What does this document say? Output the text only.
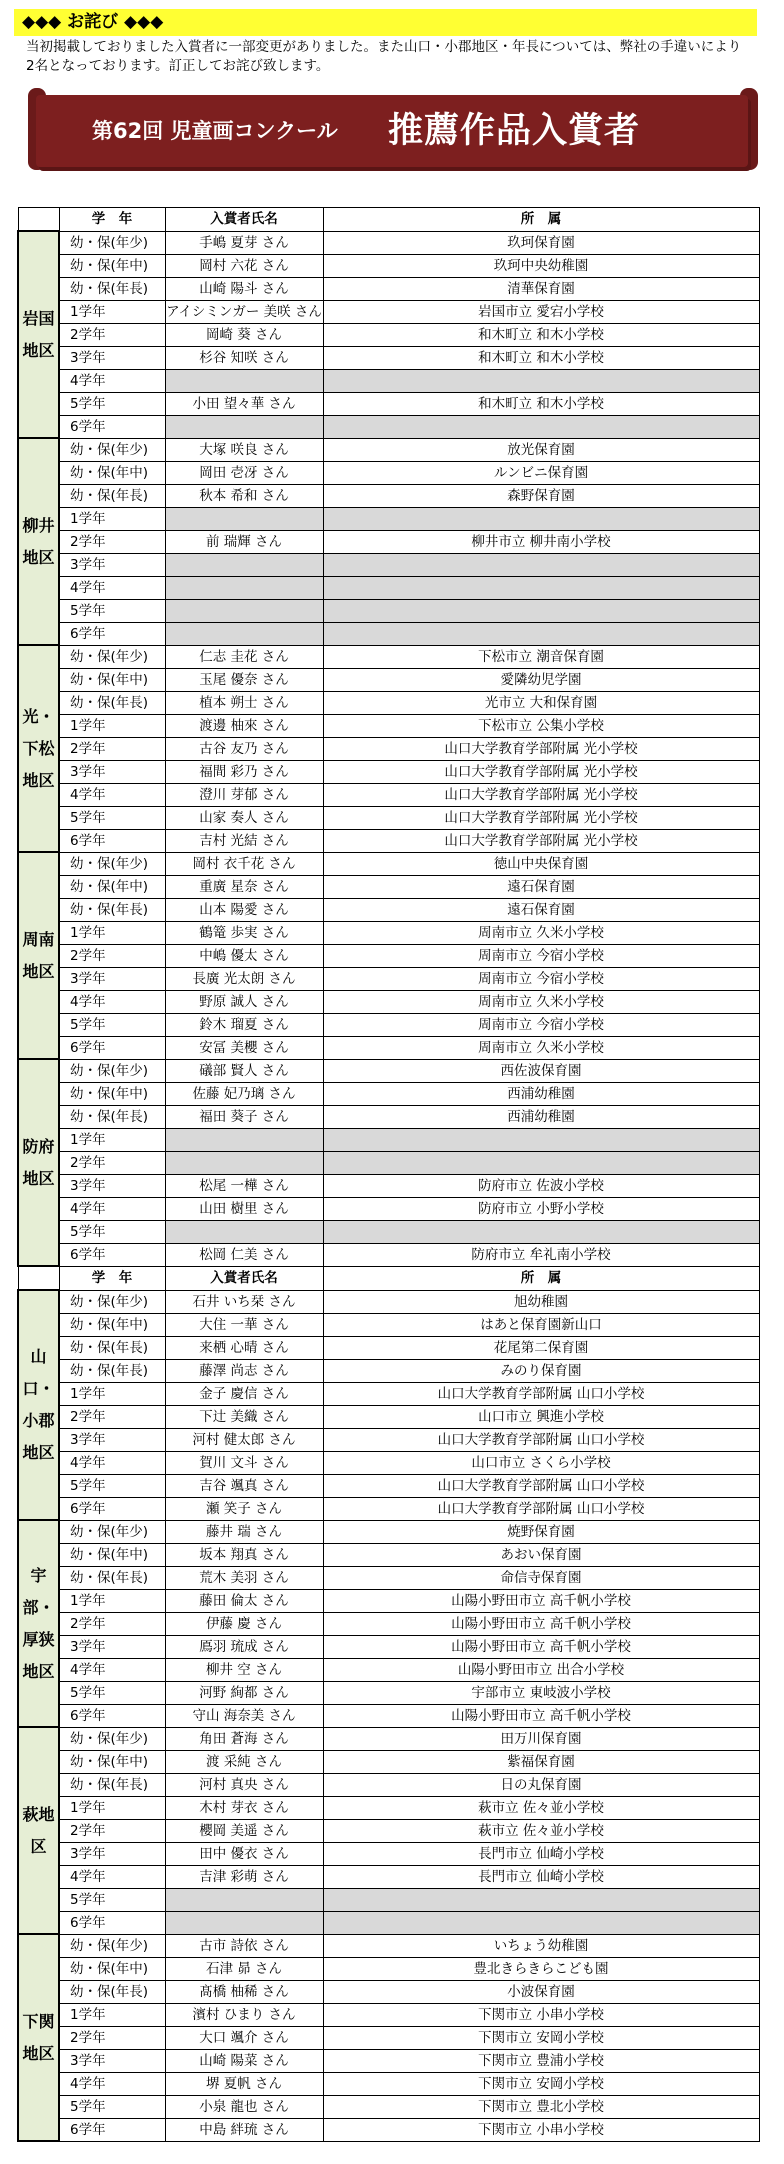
◆◆◆ お詫び ◆◆◆
当初掲載しておりました入賞者に一部変更がありました。また山口・小郡地区・年長については、弊社の手違いにより2名となっております。訂正してお詫び致します。
第62回 児童画コンクール 推薦作品入賞者
	学　年	入賞者氏名	所　属
岩国地区	幼・保(年少)	手嶋 夏芽 さん	玖珂保育園
	幼・保(年中)	岡村 六花 さん	玖珂中央幼稚園
	幼・保(年長)	山崎 陽斗 さん	清華保育園
	1学年	アイシミンガー 美咲 さん	岩国市立 愛宕小学校
	2学年	岡崎 葵 さん	和木町立 和木小学校
	3学年	杉谷 知咲 さん	和木町立 和木小学校
	4学年		
	5学年	小田 望々華 さん	和木町立 和木小学校
	6学年		
柳井地区	幼・保(年少)	大塚 咲良 さん	放光保育園
	幼・保(年中)	岡田 壱冴 さん	ルンビニ保育園
	幼・保(年長)	秋本 希和 さん	森野保育園
	1学年		
	2学年	前 瑞輝 さん	柳井市立 柳井南小学校
	3学年		
	4学年		
	5学年		
	6学年		
光・下松地区	幼・保(年少)	仁志 圭花 さん	下松市立 潮音保育園
	幼・保(年中)	玉尾 優奈 さん	愛隣幼児学園
	幼・保(年長)	植本 朔士 さん	光市立 大和保育園
	1学年	渡邊 柚來 さん	下松市立 公集小学校
	2学年	古谷 友乃 さん	山口大学教育学部附属 光小学校
	3学年	福間 彩乃 さん	山口大学教育学部附属 光小学校
	4学年	澄川 芽郁 さん	山口大学教育学部附属 光小学校
	5学年	山家 奏人 さん	山口大学教育学部附属 光小学校
	6学年	吉村 光結 さん	山口大学教育学部附属 光小学校
周南地区	幼・保(年少)	岡村 衣千花 さん	徳山中央保育園
	幼・保(年中)	重廣 星奈 さん	遠石保育園
	幼・保(年長)	山本 陽愛 さん	遠石保育園
	1学年	鶴篭 歩実 さん	周南市立 久米小学校
	2学年	中嶋 優太 さん	周南市立 今宿小学校
	3学年	長廣 光太朗 さん	周南市立 今宿小学校
	4学年	野原 誠人 さん	周南市立 久米小学校
	5学年	鈴木 瑠夏 さん	周南市立 今宿小学校
	6学年	安冨 美櫻 さん	周南市立 久米小学校
防府地区	幼・保(年少)	礒部 賢人 さん	西佐波保育園
	幼・保(年中)	佐藤 妃乃璃 さん	西浦幼稚園
	幼・保(年長)	福田 葵子 さん	西浦幼稚園
	1学年		
	2学年		
	3学年	松尾 一樺 さん	防府市立 佐波小学校
	4学年	山田 樹里 さん	防府市立 小野小学校
	5学年		
	6学年	松岡 仁美 さん	防府市立 牟礼南小学校
	学　年	入賞者氏名	所　属
山口・小郡地区	幼・保(年少)	石井 いち栞 さん	旭幼稚園
	幼・保(年中)	大住 一華 さん	はあと保育園新山口
	幼・保(年長)	来栖 心晴 さん	花尾第二保育園
	幼・保(年長)	藤澤 尚志 さん	みのり保育園
	1学年	金子 慶信 さん	山口大学教育学部附属 山口小学校
	2学年	下辻 美織 さん	山口市立 興進小学校
	3学年	河村 健太郎 さん	山口大学教育学部附属 山口小学校
	4学年	賀川 文斗 さん	山口市立 さくら小学校
	5学年	吉谷 颯真 さん	山口大学教育学部附属 山口小学校
	6学年	瀬 笑子 さん	山口大学教育学部附属 山口小学校
宇部・厚狭地区	幼・保(年少)	藤井 瑞 さん	焼野保育園
	幼・保(年中)	坂本 翔真 さん	あおい保育園
	幼・保(年長)	荒木 美羽 さん	命信寺保育園
	1学年	藤田 倫太 さん	山陽小野田市立 高千帆小学校
	2学年	伊藤 慶 さん	山陽小野田市立 高千帆小学校
	3学年	鳫羽 琉成 さん	山陽小野田市立 高千帆小学校
	4学年	柳井 空 さん	山陽小野田市立 出合小学校
	5学年	河野 絢都 さん	宇部市立 東岐波小学校
	6学年	守山 海奈美 さん	山陽小野田市立 高千帆小学校
萩地区	幼・保(年少)	角田 蒼海 さん	田万川保育園
	幼・保(年中)	渡 采純 さん	紫福保育園
	幼・保(年長)	河村 真央 さん	日の丸保育園
	1学年	木村 芽衣 さん	萩市立 佐々並小学校
	2学年	櫻岡 美遥 さん	萩市立 佐々並小学校
	3学年	田中 優衣 さん	長門市立 仙崎小学校
	4学年	吉津 彩萌 さん	長門市立 仙崎小学校
	5学年		
	6学年		
下関地区	幼・保(年少)	古市 詩依 さん	いちょう幼稚園
	幼・保(年中)	石津 昴 さん	豊北きらきらこども園
	幼・保(年長)	髙橋 柚稀 さん	小波保育園
	1学年	濱村 ひまり さん	下関市立 小串小学校
	2学年	大口 颯介 さん	下関市立 安岡小学校
	3学年	山崎 陽菜 さん	下関市立 豊浦小学校
	4学年	堺 夏帆 さん	下関市立 安岡小学校
	5学年	小泉 龍也 さん	下関市立 豊北小学校
	6学年	中島 絆琉 さん	下関市立 小串小学校
